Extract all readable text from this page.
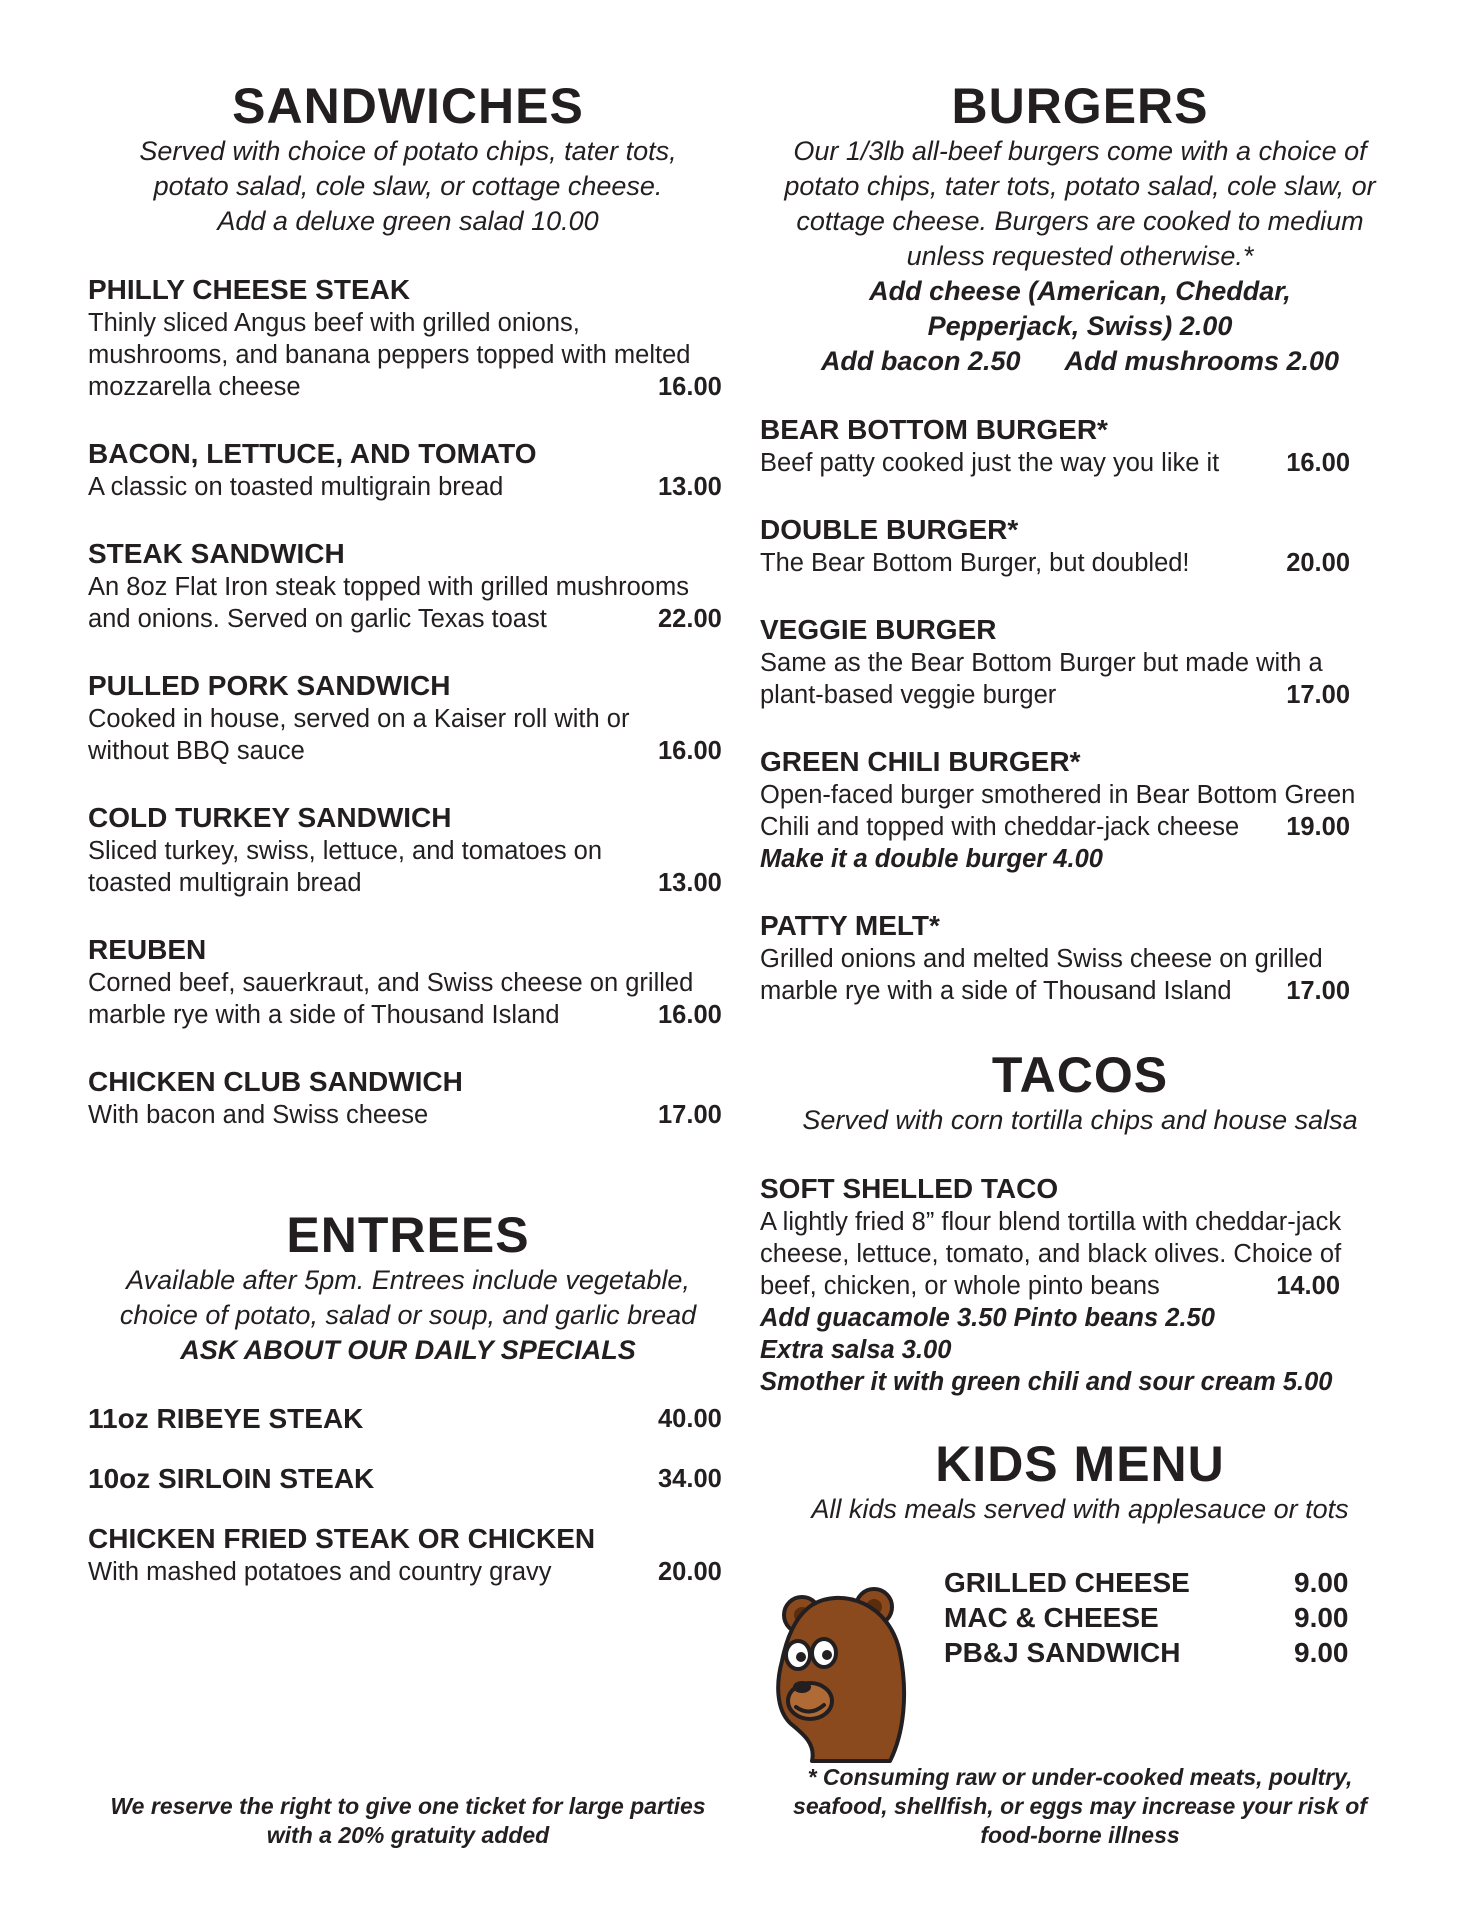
SANDWICHES
Served with choice of potato chips, tater tots,
potato salad, cole slaw, or cottage cheese.
Add a deluxe green salad 10.00
PHILLY CHEESE STEAK
Thinly sliced Angus beef with grilled onions,
mushrooms, and banana peppers topped with melted
mozzarella cheese	16.00
BACON, LETTUCE, AND TOMATO
A classic on toasted multigrain bread	13.00
STEAK SANDWICH
An 8oz Flat Iron steak topped with grilled mushrooms
and onions. Served on garlic Texas toast	22.00
PULLED PORK SANDWICH
Cooked in house, served on a Kaiser roll with or
without BBQ sauce	16.00
COLD TURKEY SANDWICH
Sliced turkey, swiss, lettuce, and tomatoes on
toasted multigrain bread	13.00
REUBEN
Corned beef, sauerkraut, and Swiss cheese on grilled
marble rye with a side of Thousand Island	16.00
CHICKEN CLUB SANDWICH
With bacon and Swiss cheese	17.00
ENTREES
Available after 5pm. Entrees include vegetable,
choice of potato, salad or soup, and garlic bread
ASK ABOUT OUR DAILY SPECIALS
11oz RIBEYE STEAK	40.00
10oz SIRLOIN STEAK	34.00
CHICKEN FRIED STEAK OR CHICKEN
With mashed potatoes and country gravy	20.00
BURGERS
Our 1/3lb all-beef burgers come with a choice of
potato chips, tater tots, potato salad, cole slaw, or
cottage cheese. Burgers are cooked to medium
unless requested otherwise.*
Add cheese (American, Cheddar,
Pepperjack, Swiss) 2.00
Add bacon 2.50 Add mushrooms 2.00
BEAR BOTTOM BURGER*
Beef patty cooked just the way you like it	16.00
DOUBLE BURGER*
The Bear Bottom Burger, but doubled!	20.00
VEGGIE BURGER
Same as the Bear Bottom Burger but made with a
plant-based veggie burger	17.00
GREEN CHILI BURGER*
Open-faced burger smothered in Bear Bottom Green
Chili and topped with cheddar-jack cheese 19.00
Make it a double burger 4.00
PATTY MELT*
Grilled onions and melted Swiss cheese on grilled
marble rye with a side of Thousand Island 17.00
TACOS
Served with corn tortilla chips and house salsa
SOFT SHELLED TACO
A lightly fried 8” flour blend tortilla with cheddar-jack
cheese, lettuce, tomato, and black olives. Choice of
beef, chicken, or whole pinto beans	14.00
Add guacamole 3.50 Pinto beans 2.50
Extra salsa 3.00
Smother it with green chili and sour cream 5.00
KIDS MENU
All kids meals served with applesauce or tots
GRILLED CHEESE	9.00
MAC & CHEESE	9.00
PB&J SANDWICH	9.00
We reserve the right to give one ticket for large parties
with a 20% gratuity added
* Consuming raw or under-cooked meats, poultry,
seafood, shellfish, or eggs may increase your risk of
food-borne illness
